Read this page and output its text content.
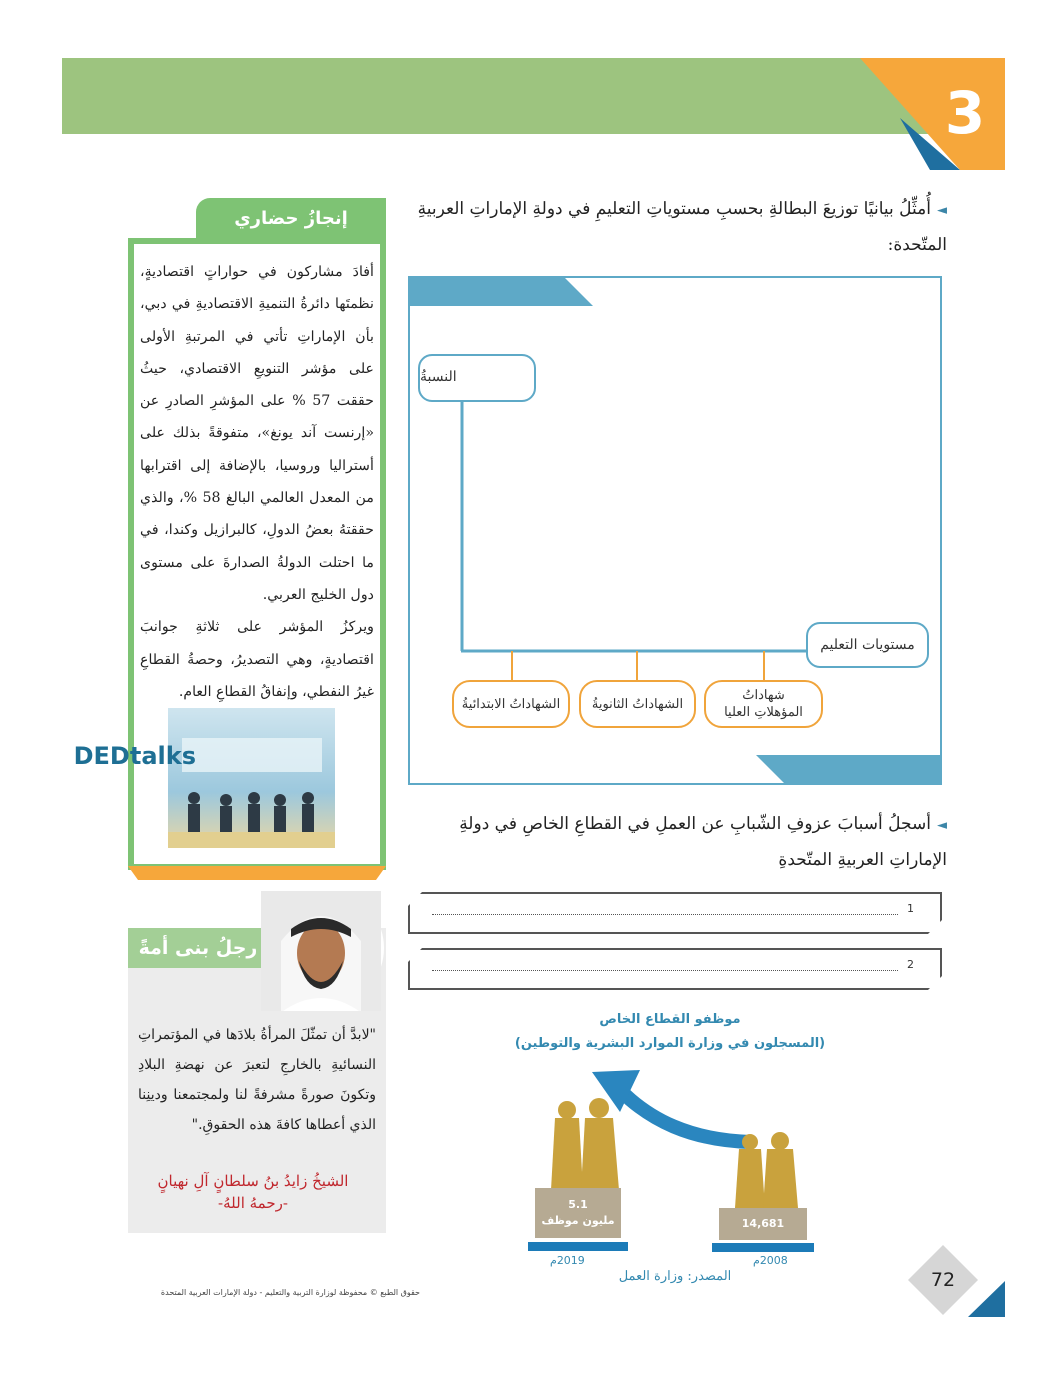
3
◄أُمثِّلُ بيانيًا توزيعَ البطالةِ بحسبِ مستوياتِ التعليمِ في دولةِ الإماراتِ العربيةِ المتّحدة:
النسبةُ
مستويات التعليم
شهاداتُ
المؤهلاتِ العليا
الشهاداتُ الثانويةُ
الشهاداتُ الابتدائيةُ
◄أسجلُ أسبابَ عزوفِ الشّبابِ عن العملِ في القطاعِ الخاصِ في دولةِ الإماراتِ العربيةِ المتّحدةِ
1
2
موظفو القطاع الخاص
(المسجلون في وزارة الموارد البشرية والتوطين)
5.1
مليون موظف
2019م
14,681
2008م
المصدر: وزارة العمل	72
حقوق الطبع © محفوظة لوزارة التربية والتعليم - دولة الإمارات العربية المتحدة
إنجازُ حضاري

أفادَ مشاركون في حواراتٍ اقتصاديةٍ، نظمتَها دائرةُ التنميةِ الاقتصاديةِ في دبي، بأن الإماراتِ تأتي في المرتبةِ الأولى على مؤشر التنويعِ الاقتصادي، حيثُ حققت 57 % على المؤشرِ الصادرِ عن «إرنست آند يونغ»، متفوقةً بذلك على أستراليا وروسيا، بالإضافة إلى اقترابها من المعدل العالمي البالغ 58 %، والذي حققتهُ بعضُ الدولِ، كالبرازيل وكندا، في ما احتلت الدولةُ الصدارةَ على مستوى دول الخليج العربي.

ويركزُ المؤشر على ثلاثةِ جوانبَ اقتصاديةٍ، وهي التصديرُ، وحصةُ القطاعِ غيرُ النفطي، وإنفاقُ القطاعِ العام.

DEDtalks
رجلُ بنى أمةً
"لابدَّ أن تمثّلَ المرأةُ بلادَها في المؤتمراتِ النسائيةِ بالخارجِ لتعبرَ عن نهضةِ البلادِ وتكونَ صورةً مشرفةً لنا ولمجتمعنا ودينِنا الذي أعطاها كافةَ هذه الحقوقِ."
الشيخُ زايدُ بنُ سلطانٍ آلِ نهيانٍ
-رحمهُ اللهُ-
